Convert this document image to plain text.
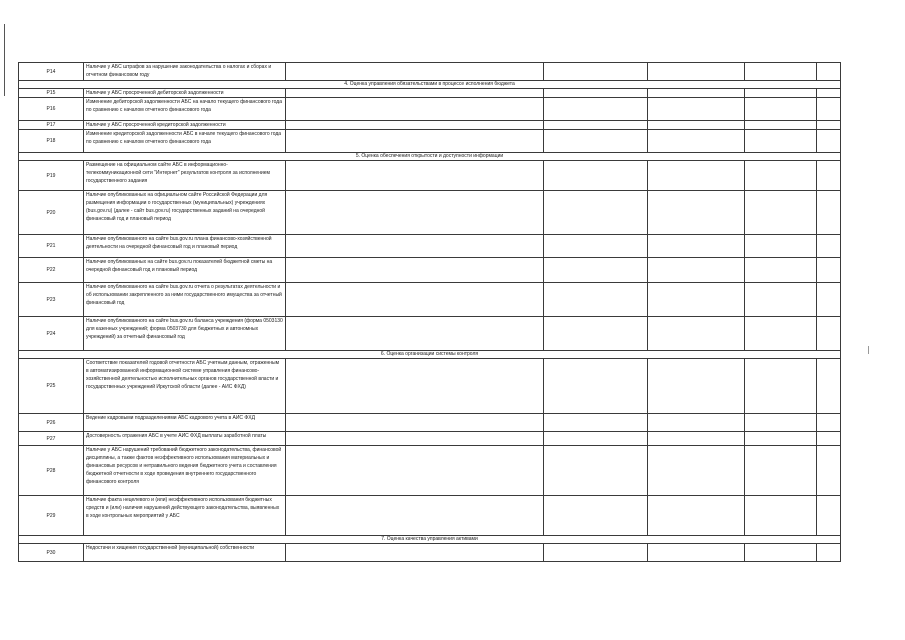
P14	Наличие у АБС штрафов за нарушение законодательства о налогах и сборах и отчетном финансовом году					
4. Оценка управления обязательствами в процессе исполнения бюджета						
P15	Наличие у АБС просроченной дебиторской задолженности					
P16	Изменение дебиторской задолженности АБС на начало текущего финансового года по сравнению с началом отчетного финансового года					
P17	Наличие у АБС просроченной кредиторской задолженности					
P18	Изменение кредиторской задолженности АБС в начале текущего финансового года по сравнению с началом отчетного финансового года					
5. Оценка обеспечения открытости и доступности информации						
P19	Размещение на официальном сайте АБС в информационно-телекоммуникационной сети "Интернет" результатов контроля за исполнением государственного задания					
P20	Наличие опубликованных на официальном сайте Российской Федерации для размещения информации о государственных (муниципальных) учреждениях (bus.gov.ru) (далее - сайт bus.gov.ru) государственных заданий на очередной финансовый год и плановый период					
P21	Наличие опубликованного на сайте bus.gov.ru плана финансово-хозяйственной деятельности на очередной финансовый год и плановый период					
P22	Наличие опубликованных на сайте bus.gov.ru показателей бюджетной сметы на очередной финансовый год и плановый период					
P23	Наличие опубликованного на сайте bus.gov.ru отчета о результатах деятельности и об использовании закрепленного за ними государственного имущества за отчетный финансовый год					
P24	Наличие опубликованного на сайте bus.gov.ru баланса учреждения (форма 0503130 для казенных учреждений; форма 0503730 для бюджетных и автономных учреждений) за отчетный финансовый год					
6. Оценка организации системы контроля						
P25	Соответствие показателей годовой отчетности АБС учетным данным, отраженным в автоматизированной информационной системе управления финансово-хозяйственной деятельностью исполнительных органов государственной власти и государственных учреждений Иркутской области (далее - АИС ФХД)					
P26	Ведение кадровыми подразделениями АБС кадрового учета в АИС ФХД					
P27	Достоверность отражения АБС в учете АИС ФХД выплаты заработной платы					
P28	Наличие у АБС нарушений требований бюджетного законодательства, финансовой дисциплины, а также фактов неэффективного использования материальных и финансовых ресурсов и нетравильного ведения бюджетного учета и составления бюджетной отчетности в ходе проведения внутреннего государственного финансового контроля					
P29	Наличие факта нецелевого и (или) неэффективного использования бюджетных средств и (или) наличия нарушений действующего законодательства, выявленных в ходе контрольных мероприятий у АБС					
7. Оценка качества управления активами						
P30	Недостачи и хищения государственной (муниципальной) собственности					
